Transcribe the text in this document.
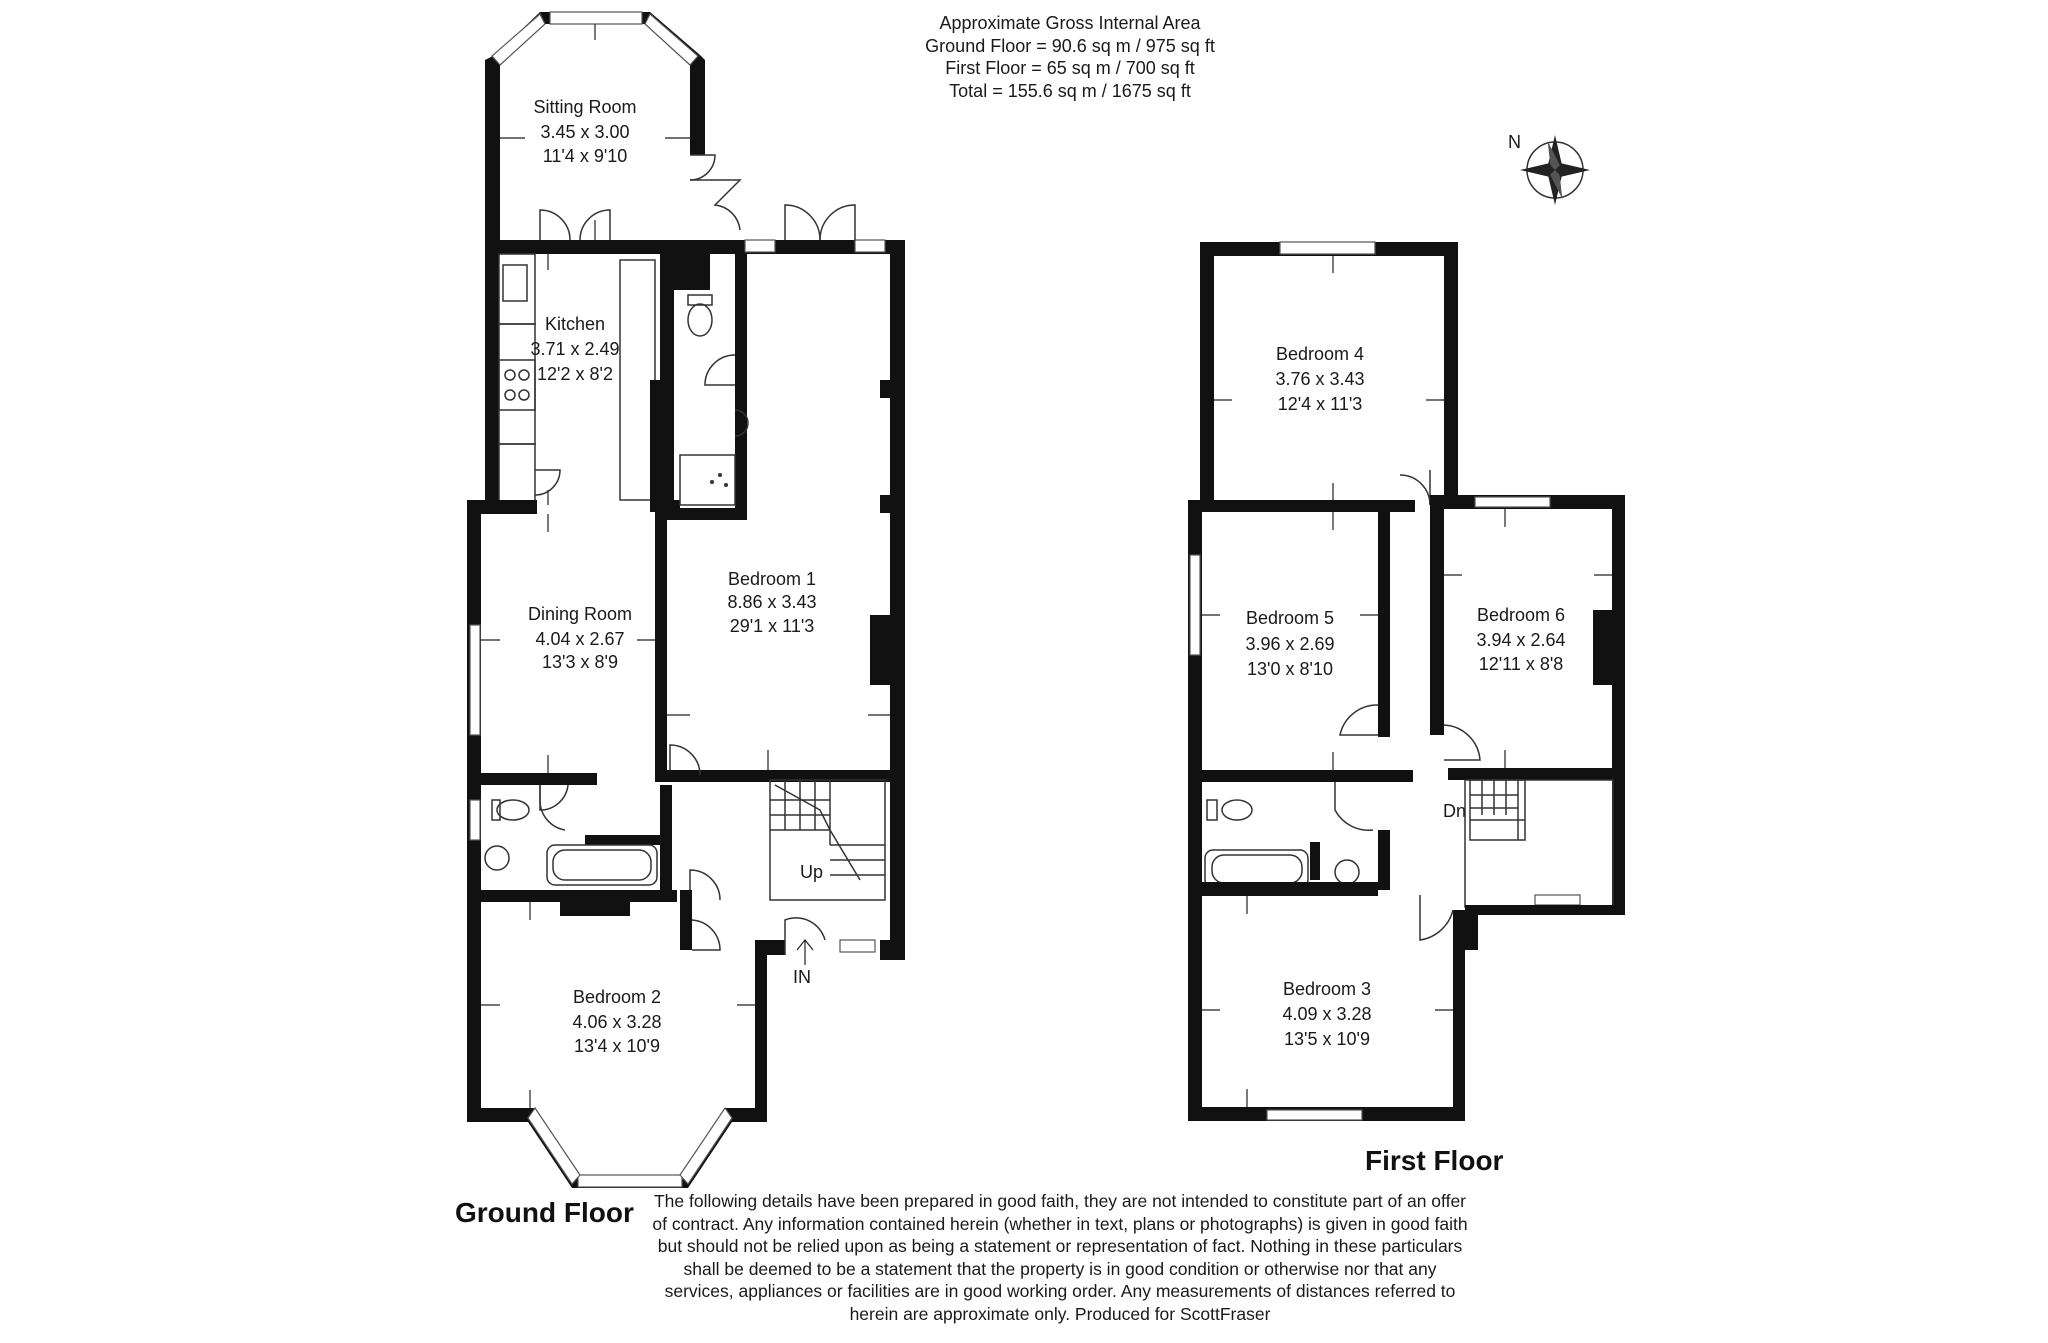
Approximate Gross Internal Area
Ground Floor = 90.6 sq m / 975 sq ft
First Floor = 65 sq m / 700 sq ft
Total = 155.6 sq m / 1675 sq ft
N
Up
IN
Sitting Room
3.45 x 3.00
11'4 x 9'10
Kitchen
3.71 x 2.49
12'2 x 8'2
Bedroom 1
8.86 x 3.43
29'1 x 11'3
Dining Room
4.04 x 2.67
13'3 x 8'9
Bedroom 2
4.06 x 3.28
13'4 x 10'9
Ground Floor
Dn
Bedroom 4
3.76 x 3.43
12'4 x 11'3
Bedroom 5
3.96 x 2.69
13'0 x 8'10
Bedroom 6
3.94 x 2.64
12'11 x 8'8
Bedroom 3
4.09 x 3.28
13'5 x 10'9
First Floor
The following details have been prepared in good faith, they are not intended to constitute part of an offer of contract. Any information contained herein (whether in text, plans or photographs) is given in good faith but should not be relied upon as being a statement or representation of fact. Nothing in these particulars shall be deemed to be a statement that the property is in good condition or otherwise nor that any services, appliances or facilities are in good working order. Any measurements of distances referred to herein are approximate only. Produced for ScottFraser
